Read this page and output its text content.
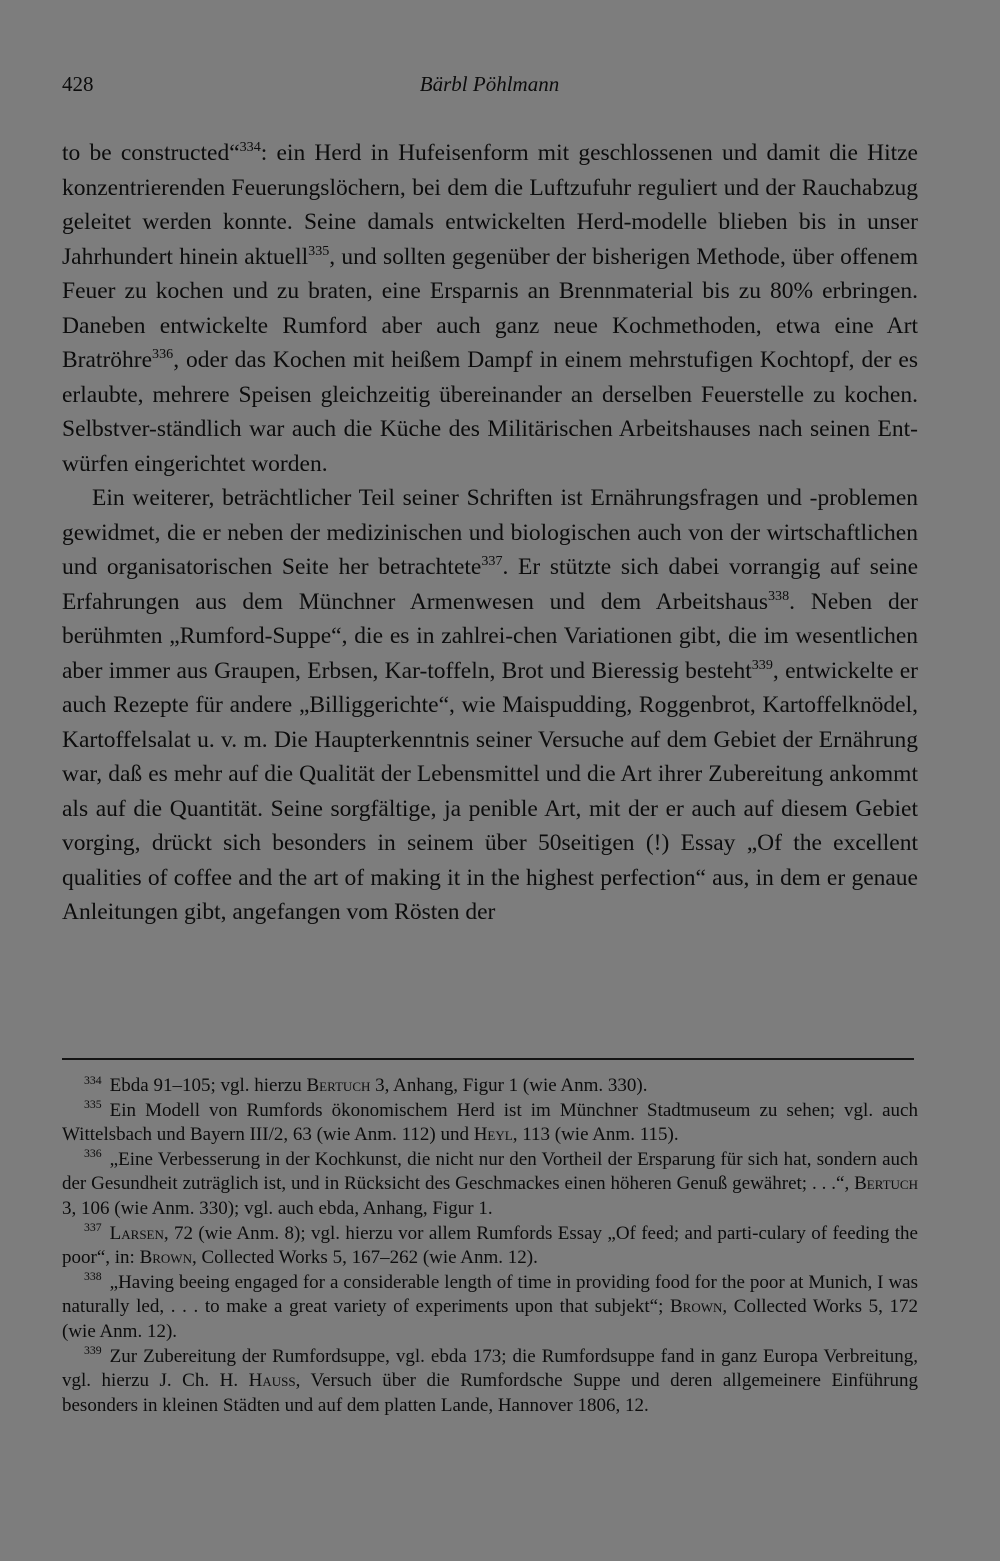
428	Bärbl Pöhlmann

to be constructed“$^{334}$: ein Herd in Hufeisenform mit geschlossenen und damit die Hitze konzentrierenden Feuerungslöchern, bei dem die Luftzufuhr reguliert und der Rauchabzug geleitet werden konnte. Seine damals entwickelten Herd-modelle blieben bis in unser Jahrhundert hinein aktuell$^{335}$, und sollten gegenüber der bisherigen Methode, über offenem Feuer zu kochen und zu braten, eine Ersparnis an Brennmaterial bis zu 80% erbringen. Daneben entwickelte Rumford aber auch ganz neue Kochmethoden, etwa eine Art Bratröhre$^{336}$, oder das Kochen mit heißem Dampf in einem mehrstufigen Kochtopf, der es erlaubte, mehrere Speisen gleichzeitig übereinander an derselben Feuerstelle zu kochen. Selbstver-ständlich war auch die Küche des Militärischen Arbeitshauses nach seinen Ent-würfen eingerichtet worden.

Ein weiterer, beträchtlicher Teil seiner Schriften ist Ernährungsfragen und -problemen gewidmet, die er neben der medizinischen und biologischen auch von der wirtschaftlichen und organisatorischen Seite her betrachtete$^{337}$. Er stützte sich dabei vorrangig auf seine Erfahrungen aus dem Münchner Armenwesen und dem Arbeitshaus$^{338}$. Neben der berühmten „Rumford-Suppe“, die es in zahlrei-chen Variationen gibt, die im wesentlichen aber immer aus Graupen, Erbsen, Kar-toffeln, Brot und Bieressig besteht$^{339}$, entwickelte er auch Rezepte für andere „Billiggerichte“, wie Maispudding, Roggenbrot, Kartoffelknödel, Kartoffelsalat u. v. m. Die Haupterkenntnis seiner Versuche auf dem Gebiet der Ernährung war, daß es mehr auf die Qualität der Lebensmittel und die Art ihrer Zubereitung ankommt als auf die Quantität. Seine sorgfältige, ja penible Art, mit der er auch auf diesem Gebiet vorging, drückt sich besonders in seinem über 50seitigen (!) Essay „Of the excellent qualities of coffee and the art of making it in the highest perfection“ aus, in dem er genaue Anleitungen gibt, angefangen vom Rösten der

$^{334}$ Ebda 91–105; vgl. hierzu Bertuch 3, Anhang, Figur 1 (wie Anm. 330).

$^{335}$ Ein Modell von Rumfords ökonomischem Herd ist im Münchner Stadtmuseum zu sehen; vgl. auch Wittelsbach und Bayern III/2, 63 (wie Anm. 112) und Heyl, 113 (wie Anm. 115).

$^{336}$ „Eine Verbesserung in der Kochkunst, die nicht nur den Vortheil der Ersparung für sich hat, sondern auch der Gesundheit zuträglich ist, und in Rücksicht des Geschmackes einen höheren Genuß gewähret; . . .“, Bertuch 3, 106 (wie Anm. 330); vgl. auch ebda, Anhang, Figur 1.

$^{337}$ Larsen, 72 (wie Anm. 8); vgl. hierzu vor allem Rumfords Essay „Of feed; and parti-culary of feeding the poor“, in: Brown, Collected Works 5, 167–262 (wie Anm. 12).

$^{338}$ „Having beeing engaged for a considerable length of time in providing food for the poor at Munich, I was naturally led, . . . to make a great variety of experiments upon that subjekt“; Brown, Collected Works 5, 172 (wie Anm. 12).

$^{339}$ Zur Zubereitung der Rumfordsuppe, vgl. ebda 173; die Rumfordsuppe fand in ganz Europa Verbreitung, vgl. hierzu J. Ch. H. Hauss, Versuch über die Rumfordsche Suppe und deren allgemeinere Einführung besonders in kleinen Städten und auf dem platten Lande, Hannover 1806, 12.
